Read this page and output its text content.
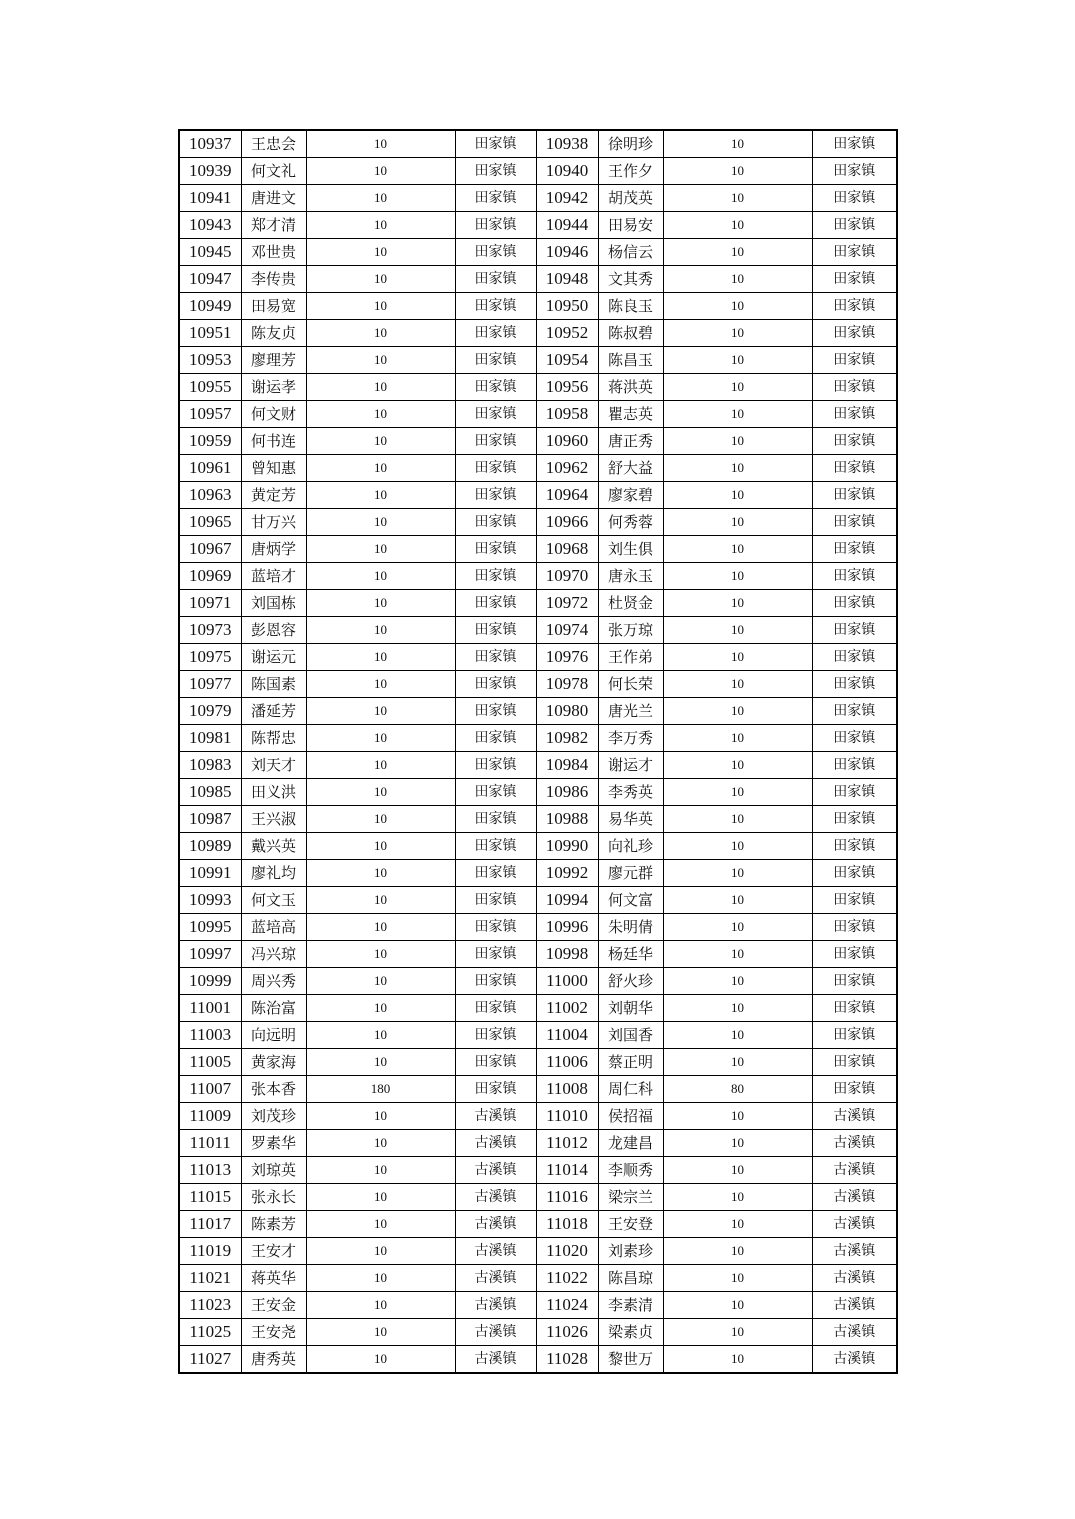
10937	王忠会	10	田家镇	10938	徐明珍	10	田家镇
10939	何文礼	10	田家镇	10940	王作夕	10	田家镇
10941	唐进文	10	田家镇	10942	胡茂英	10	田家镇
10943	郑才清	10	田家镇	10944	田易安	10	田家镇
10945	邓世贵	10	田家镇	10946	杨信云	10	田家镇
10947	李传贵	10	田家镇	10948	文其秀	10	田家镇
10949	田易宽	10	田家镇	10950	陈良玉	10	田家镇
10951	陈友贞	10	田家镇	10952	陈叔碧	10	田家镇
10953	廖理芳	10	田家镇	10954	陈昌玉	10	田家镇
10955	谢运孝	10	田家镇	10956	蒋洪英	10	田家镇
10957	何文财	10	田家镇	10958	瞿志英	10	田家镇
10959	何书连	10	田家镇	10960	唐正秀	10	田家镇
10961	曾知惠	10	田家镇	10962	舒大益	10	田家镇
10963	黄定芳	10	田家镇	10964	廖家碧	10	田家镇
10965	甘万兴	10	田家镇	10966	何秀蓉	10	田家镇
10967	唐炳学	10	田家镇	10968	刘生俱	10	田家镇
10969	蓝培才	10	田家镇	10970	唐永玉	10	田家镇
10971	刘国栋	10	田家镇	10972	杜贤金	10	田家镇
10973	彭恩容	10	田家镇	10974	张万琼	10	田家镇
10975	谢运元	10	田家镇	10976	王作弟	10	田家镇
10977	陈国素	10	田家镇	10978	何长荣	10	田家镇
10979	潘延芳	10	田家镇	10980	唐光兰	10	田家镇
10981	陈帮忠	10	田家镇	10982	李万秀	10	田家镇
10983	刘天才	10	田家镇	10984	谢运才	10	田家镇
10985	田义洪	10	田家镇	10986	李秀英	10	田家镇
10987	王兴淑	10	田家镇	10988	易华英	10	田家镇
10989	戴兴英	10	田家镇	10990	向礼珍	10	田家镇
10991	廖礼均	10	田家镇	10992	廖元群	10	田家镇
10993	何文玉	10	田家镇	10994	何文富	10	田家镇
10995	蓝培高	10	田家镇	10996	朱明倩	10	田家镇
10997	冯兴琼	10	田家镇	10998	杨廷华	10	田家镇
10999	周兴秀	10	田家镇	11000	舒火珍	10	田家镇
11001	陈治富	10	田家镇	11002	刘朝华	10	田家镇
11003	向远明	10	田家镇	11004	刘国香	10	田家镇
11005	黄家海	10	田家镇	11006	蔡正明	10	田家镇
11007	张本香	180	田家镇	11008	周仁科	80	田家镇
11009	刘茂珍	10	古溪镇	11010	侯招福	10	古溪镇
11011	罗素华	10	古溪镇	11012	龙建昌	10	古溪镇
11013	刘琼英	10	古溪镇	11014	李顺秀	10	古溪镇
11015	张永长	10	古溪镇	11016	梁宗兰	10	古溪镇
11017	陈素芳	10	古溪镇	11018	王安登	10	古溪镇
11019	王安才	10	古溪镇	11020	刘素珍	10	古溪镇
11021	蒋英华	10	古溪镇	11022	陈昌琼	10	古溪镇
11023	王安金	10	古溪镇	11024	李素清	10	古溪镇
11025	王安尧	10	古溪镇	11026	梁素贞	10	古溪镇
11027	唐秀英	10	古溪镇	11028	黎世万	10	古溪镇
